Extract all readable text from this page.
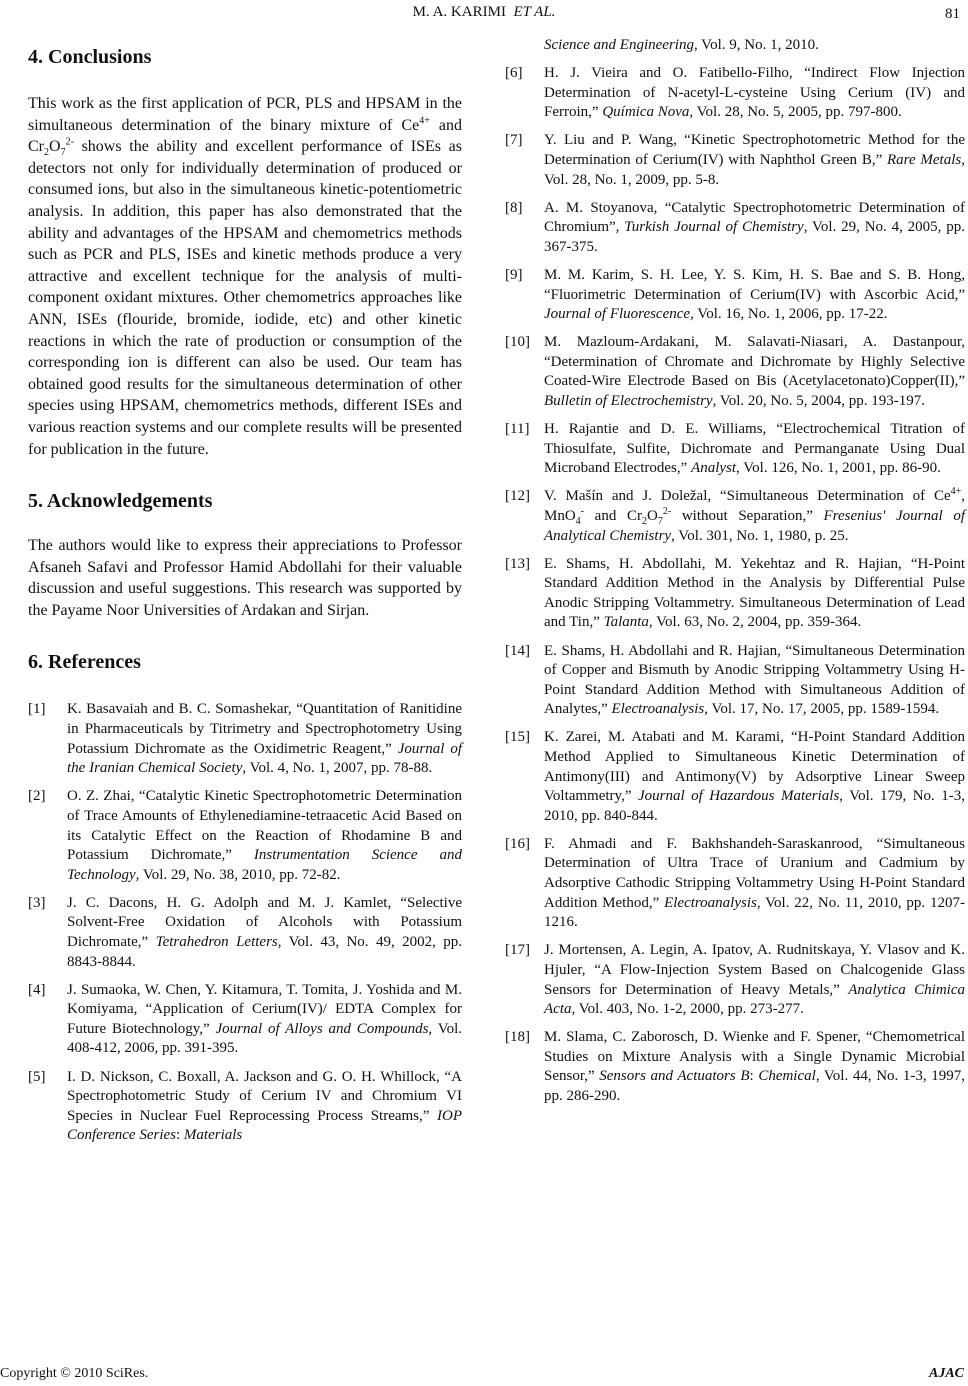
M. A. KARIMI ET AL.	81
4. Conclusions

This work as the first application of PCR, PLS and HPSAM in the simultaneous determination of the binary mixture of $Ce^{4+}$ and $Cr_2O_7^{2-}$ shows the ability and excellent performance of ISEs as detectors not only for individually determination of produced or consumed ions, but also in the simultaneous kinetic-potentiometric analysis. In addition, this paper has also demonstrated that the ability and advantages of the HPSAM and chemometrics methods such as PCR and PLS, ISEs and kinetic methods produce a very attractive and excellent technique for the analysis of multi-component oxidant mixtures. Other chemometrics approaches like ANN, ISEs (flouride, bromide, iodide, etc) and other kinetic reactions in which the rate of production or consumption of the corresponding ion is different can also be used. Our team has obtained good results for the simultaneous determination of other species using HPSAM, chemometrics methods, different ISEs and various reaction systems and our complete results will be presented for publication in the future.

5. Acknowledgements

The authors would like to express their appreciations to Professor Afsaneh Safavi and Professor Hamid Abdollahi for their valuable discussion and useful suggestions. This research was supported by the Payame Noor Universities of Ardakan and Sirjan.

6. References
[1]	K. Basavaiah and B. C. Somashekar, “Quantitation of Ranitidine in Pharmaceuticals by Titrimetry and Spectrophotometry Using Potassium Dichromate as the Oxidimetric Reagent,” Journal of the Iranian Chemical Society, Vol. 4, No. 1, 2007, pp. 78-88.
[2]	O. Z. Zhai, “Catalytic Kinetic Spectrophotometric Determination of Trace Amounts of Ethylenediamine-tetraacetic Acid Based on its Catalytic Effect on the Reaction of Rhodamine B and Potassium Dichromate,” Instrumentation Science and Technology, Vol. 29, No. 38, 2010, pp. 72-82.
[3]	J. C. Dacons, H. G. Adolph and M. J. Kamlet, “Selective Solvent-Free Oxidation of Alcohols with Potassium Dichromate,” Tetrahedron Letters, Vol. 43, No. 49, 2002, pp. 8843-8844.
[4]	J. Sumaoka, W. Chen, Y. Kitamura, T. Tomita, J. Yoshida and M. Komiyama, “Application of Cerium(IV)/ EDTA Complex for Future Biotechnology,” Journal of Alloys and Compounds, Vol. 408-412, 2006, pp. 391-395.
[5]	I. D. Nickson, C. Boxall, A. Jackson and G. O. H. Whillock, “A Spectrophotometric Study of Cerium IV and Chromium VI Species in Nuclear Fuel Reprocessing Process Streams,” IOP Conference Series: Materials
Science and Engineering, Vol. 9, No. 1, 2010.
[6]	H. J. Vieira and O. Fatibello-Filho, “Indirect Flow Injection Determination of N-acetyl-L-cysteine Using Cerium (IV) and Ferroin,” Química Nova, Vol. 28, No. 5, 2005, pp. 797-800.
[7]	Y. Liu and P. Wang, “Kinetic Spectrophotometric Method for the Determination of Cerium(IV) with Naphthol Green B,” Rare Metals, Vol. 28, No. 1, 2009, pp. 5-8.
[8]	A. M. Stoyanova, “Catalytic Spectrophotometric Determination of Chromium”, Turkish Journal of Chemistry, Vol. 29, No. 4, 2005, pp. 367-375.
[9]	M. M. Karim, S. H. Lee, Y. S. Kim, H. S. Bae and S. B. Hong, “Fluorimetric Determination of Cerium(IV) with Ascorbic Acid,” Journal of Fluorescence, Vol. 16, No. 1, 2006, pp. 17-22.
[10] M. Mazloum-Ardakani, M. Salavati-Niasari, A. Dastanpour, “Determination of Chromate and Dichromate by Highly Selective Coated-Wire Electrode Based on Bis (Acetylacetonato)Copper(II),” Bulletin of Electrochemistry, Vol. 20, No. 5, 2004, pp. 193-197.
[11] H. Rajantie and D. E. Williams, “Electrochemical Titration of Thiosulfate, Sulfite, Dichromate and Permanganate Using Dual Microband Electrodes,” Analyst, Vol. 126, No. 1, 2001, pp. 86-90.
[12] V. Mašín and J. Doležal, “Simultaneous Determination of $Ce^{4+}$, MnO$_4$- and $Cr_2O_7^{2-}$ without Separation,” Fresenius' Journal of Analytical Chemistry, Vol. 301, No. 1, 1980, p. 25.
[13] E. Shams, H. Abdollahi, M. Yekehtaz and R. Hajian, “H-Point Standard Addition Method in the Analysis by Differential Pulse Anodic Stripping Voltammetry. Simultaneous Determination of Lead and Tin,” Talanta, Vol. 63, No. 2, 2004, pp. 359-364.
[14] E. Shams, H. Abdollahi and R. Hajian, “Simultaneous Determination of Copper and Bismuth by Anodic Stripping Voltammetry Using H-Point Standard Addition Method with Simultaneous Addition of Analytes,” Electroanalysis, Vol. 17, No. 17, 2005, pp. 1589-1594.
[15] K. Zarei, M. Atabati and M. Karami, “H-Point Standard Addition Method Applied to Simultaneous Kinetic Determination of Antimony(III) and Antimony(V) by Adsorptive Linear Sweep Voltammetry,” Journal of Hazardous Materials, Vol. 179, No. 1-3, 2010, pp. 840-844.
[16] F. Ahmadi and F. Bakhshandeh-Saraskanrood, “Simultaneous Determination of Ultra Trace of Uranium and Cadmium by Adsorptive Cathodic Stripping Voltammetry Using H-Point Standard Addition Method,” Electroanalysis, Vol. 22, No. 11, 2010, pp. 1207-1216.
[17] J. Mortensen, A. Legin, A. Ipatov, A. Rudnitskaya, Y. Vlasov and K. Hjuler, “A Flow-Injection System Based on Chalcogenide Glass Sensors for Determination of Heavy Metals,” Analytica Chimica Acta, Vol. 403, No. 1-2, 2000, pp. 273-277.
[18] M. Slama, C. Zaborosch, D. Wienke and F. Spener, “Chemometrical Studies on Mixture Analysis with a Single Dynamic Microbial Sensor,” Sensors and Actuators B: Chemical, Vol. 44, No. 1-3, 1997, pp. 286-290.
Copyright © 2010 SciRes.	AJAC
